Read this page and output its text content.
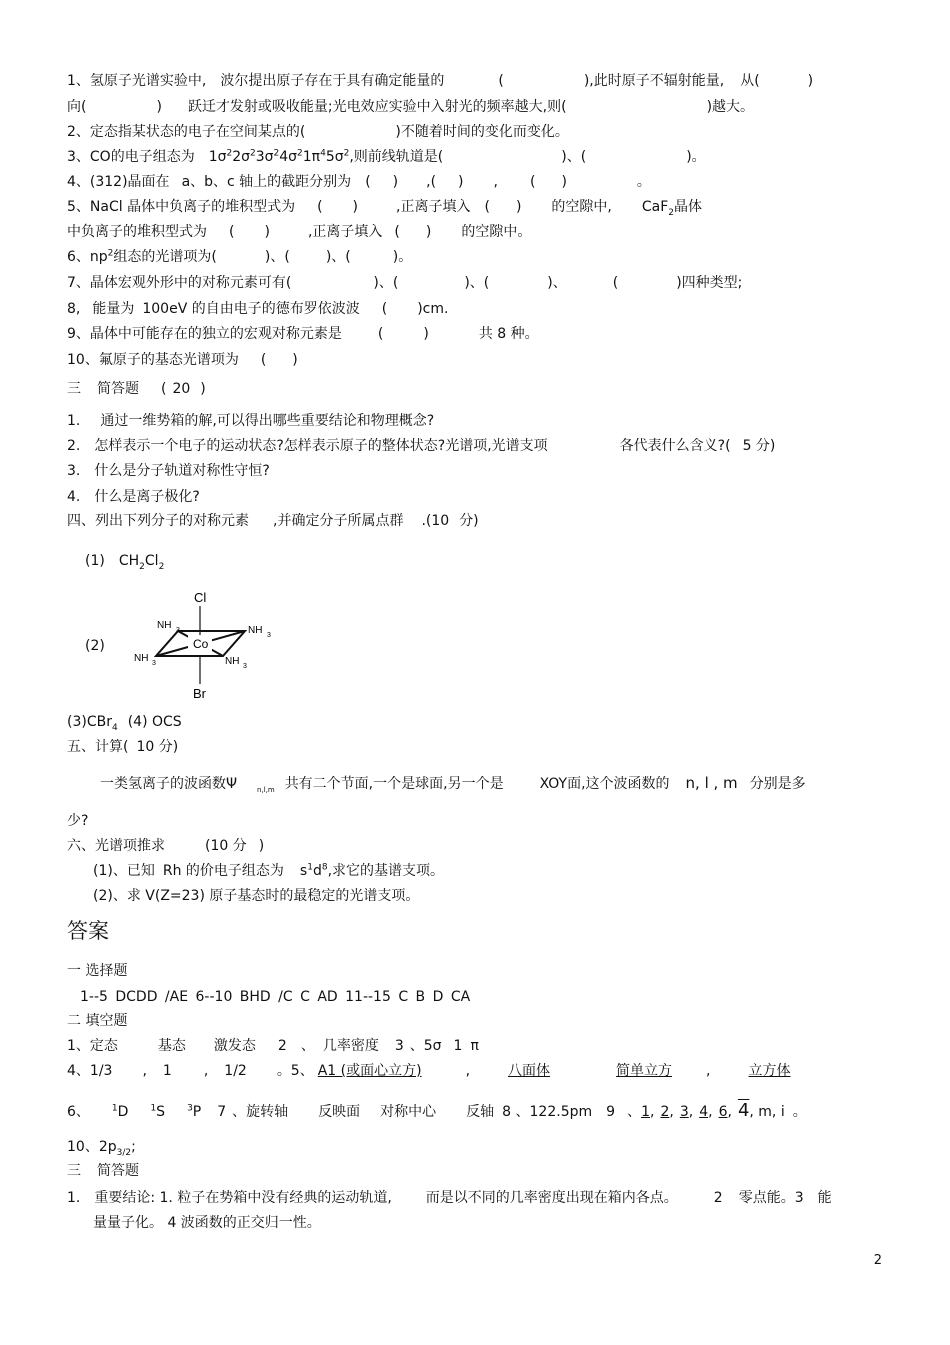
1、氢原子光谱实验中, 波尔提出原子存在于具有确定能量的	(	),此时原子不辐射能量, 从(	)
向(	) 跃迁才发射或吸收能量;光电效应实验中入射光的频率越大,则(	)越大。
2、定态指某状态的电子在空间某点的(	)不随着时间的变化而变化。
3、CO的电子组态为 $1\sigma^22\sigma^23\sigma^24\sigma^21\pi^45\sigma^2$,则前线轨道是(	)、(	)。
4、(312)晶面在 a、b、c 轴上的截距分别为 ( ) ,( ) , ( )	。
5、NaCl 晶体中负离子的堆积型式为 ( )	,正离子填入 ( ) 的空隙中, CaF$_2$晶体
中负离子的堆积型式为 ( )	,正离子填入 ( ) 的空隙中。
6、$np^2$组态的光谱项为(	)、(	)、(	)。
7、晶体宏观外形中的对称元素可有(	)、(	)、(	)、	(	)四种类型;
8, 能量为 100eV 的自由电子的德布罗依波波 ( )cm.
9、晶体中可能存在的独立的宏观对称元素是	(	)	共 8 种。
10、氟原子的基态光谱项为 ( )
三 简答题 ( 20 )
1. 通过一维势箱的解,可以得出哪些重要结论和物理概念?
2. 怎样表示一个电子的运动状态?怎样表示原子的整体状态?光谱项,光谱支项	各代表什么含义?( 5 分)
3. 什么是分子轨道对称性守恒?
4. 什么是离子极化?
四、列出下列分子的对称元素 ,并确定分子所属点群 .(10 分)
(1) $CH_2Cl_2$
(2)
Cl
Co
Br
NH 3	NH 3
NH 3	NH 3
(3)CBr$_4$ (4) OCS
五、计算( 10 分)
一类氢离子的波函数Ψ	$_{n,l,m}$ 共有二个节面,一个是球面,另一个是	XOY面,这个波函数的 n, l , m 分别是多
少?
六、光谱项推求	(10 分 )
(1)、已知 Rh 的价电子组态为 $s^1d^8$,求它的基谱支项。
(2)、求 V(Z=23) 原子基态时的最稳定的光谱支项。
答案
一 选择题
1--5 DCDD /AE 6--10 BHD /C C AD 11--15 C B D CA
二 填空题
1、定态	基态 激发态 2 、 几率密度 3 、5σ 1 π
4、1/3 , 1 , 1/2 。5、 A1 (或面心立方)	,	八面体	简单立方 ,	立方体
6、 $^1$D $^1$S $^3$P 7 、旋转轴 反映面 对称中心 反轴 8 、122.5pm 9 、1, 2, 3, 4, 6, 4, m, i 。
10、$2p_{3/2}$;
三 简答题
1. 重要结论: 1. 粒子在势箱中没有经典的运动轨道, 而是以不同的几率密度出现在箱内各点。	2 零点能。3 能
量量子化。 4 波函数的正交归一性。
2
